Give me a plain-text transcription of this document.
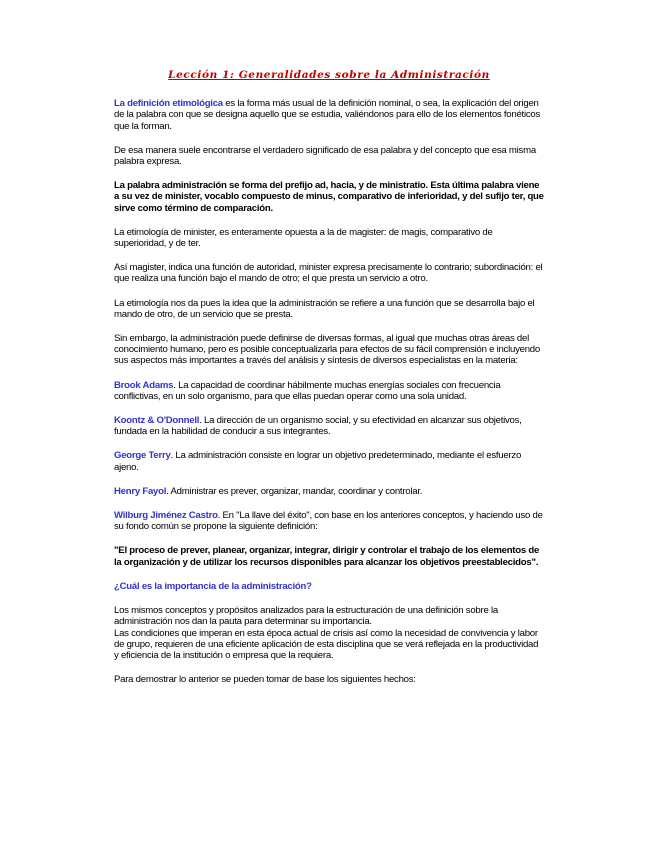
Lección 1: Generalidades sobre la Administración

La definición etimológica es la forma más usual de la definición nominal, o sea, la explicación del origen de la palabra con que se designa aquello que se estudia, valiéndonos para ello de los elementos fonéticos que la forman.

De esa manera suele encontrarse el verdadero significado de esa palabra y del concepto que esa misma palabra expresa.

La palabra administración se forma del prefijo ad, hacia, y de ministratio. Esta última palabra viene a su vez de minister, vocablo compuesto de minus, comparativo de inferioridad, y del sufijo ter, que sirve como término de comparación.

La etimología de minister, es enteramente opuesta a la de magister: de magis, comparativo de superioridad, y de ter.

Así magister, indica una función de autoridad, minister expresa precisamente lo contrario; subordinación: el que realiza una función bajo el mando de otro; el que presta un servicio a otro.

La etimología nos da pues la idea que la administración se refiere a una función que se desarrolla bajo el mando de otro, de un servicio que se presta.

Sin embargo, la administración puede definirse de diversas formas, al igual que muchas otras áreas del conocimiento humano, pero es posible conceptualizarla para efectos de su fácil comprensión e incluyendo sus aspectos más importantes a través del análisis y síntesis de diversos especialistas en la materia:

Brook Adams. La capacidad de coordinar hábilmente muchas energías sociales con frecuencia conflictivas, en un solo organismo, para que ellas puedan operar como una sola unidad.

Koontz & O'Donnell. La dirección de un organismo social, y su efectividad en alcanzar sus objetivos, fundada en la habilidad de conducir a sus integrantes.

George Terry. La administración consiste en lograr un objetivo predeterminado, mediante el esfuerzo ajeno.

Henry Fayol. Administrar es prever, organizar, mandar, coordinar y controlar.

Wilburg Jiménez Castro. En "La llave del éxito", con base en los anteriores conceptos, y haciendo uso de su fondo común se propone la siguiente definición:

"El proceso de prever, planear, organizar, integrar, dirigir y controlar el trabajo de los elementos de la organización y de utilizar los recursos disponibles para alcanzar los objetivos preestablecidos".

¿Cuál es la importancia de la administración?

Los mismos conceptos y propósitos analizados para la estructuración de una definición sobre la administración nos dan la pauta para determinar su importancia.
Las condiciones que imperan en esta época actual de crisis así como la necesidad de convivencia y labor de grupo, requieren de una eficiente aplicación de esta disciplina que se verá reflejada en la productividad y eficiencia de la institución o empresa que la requiera.

Para demostrar lo anterior se pueden tomar de base los siguientes hechos:
